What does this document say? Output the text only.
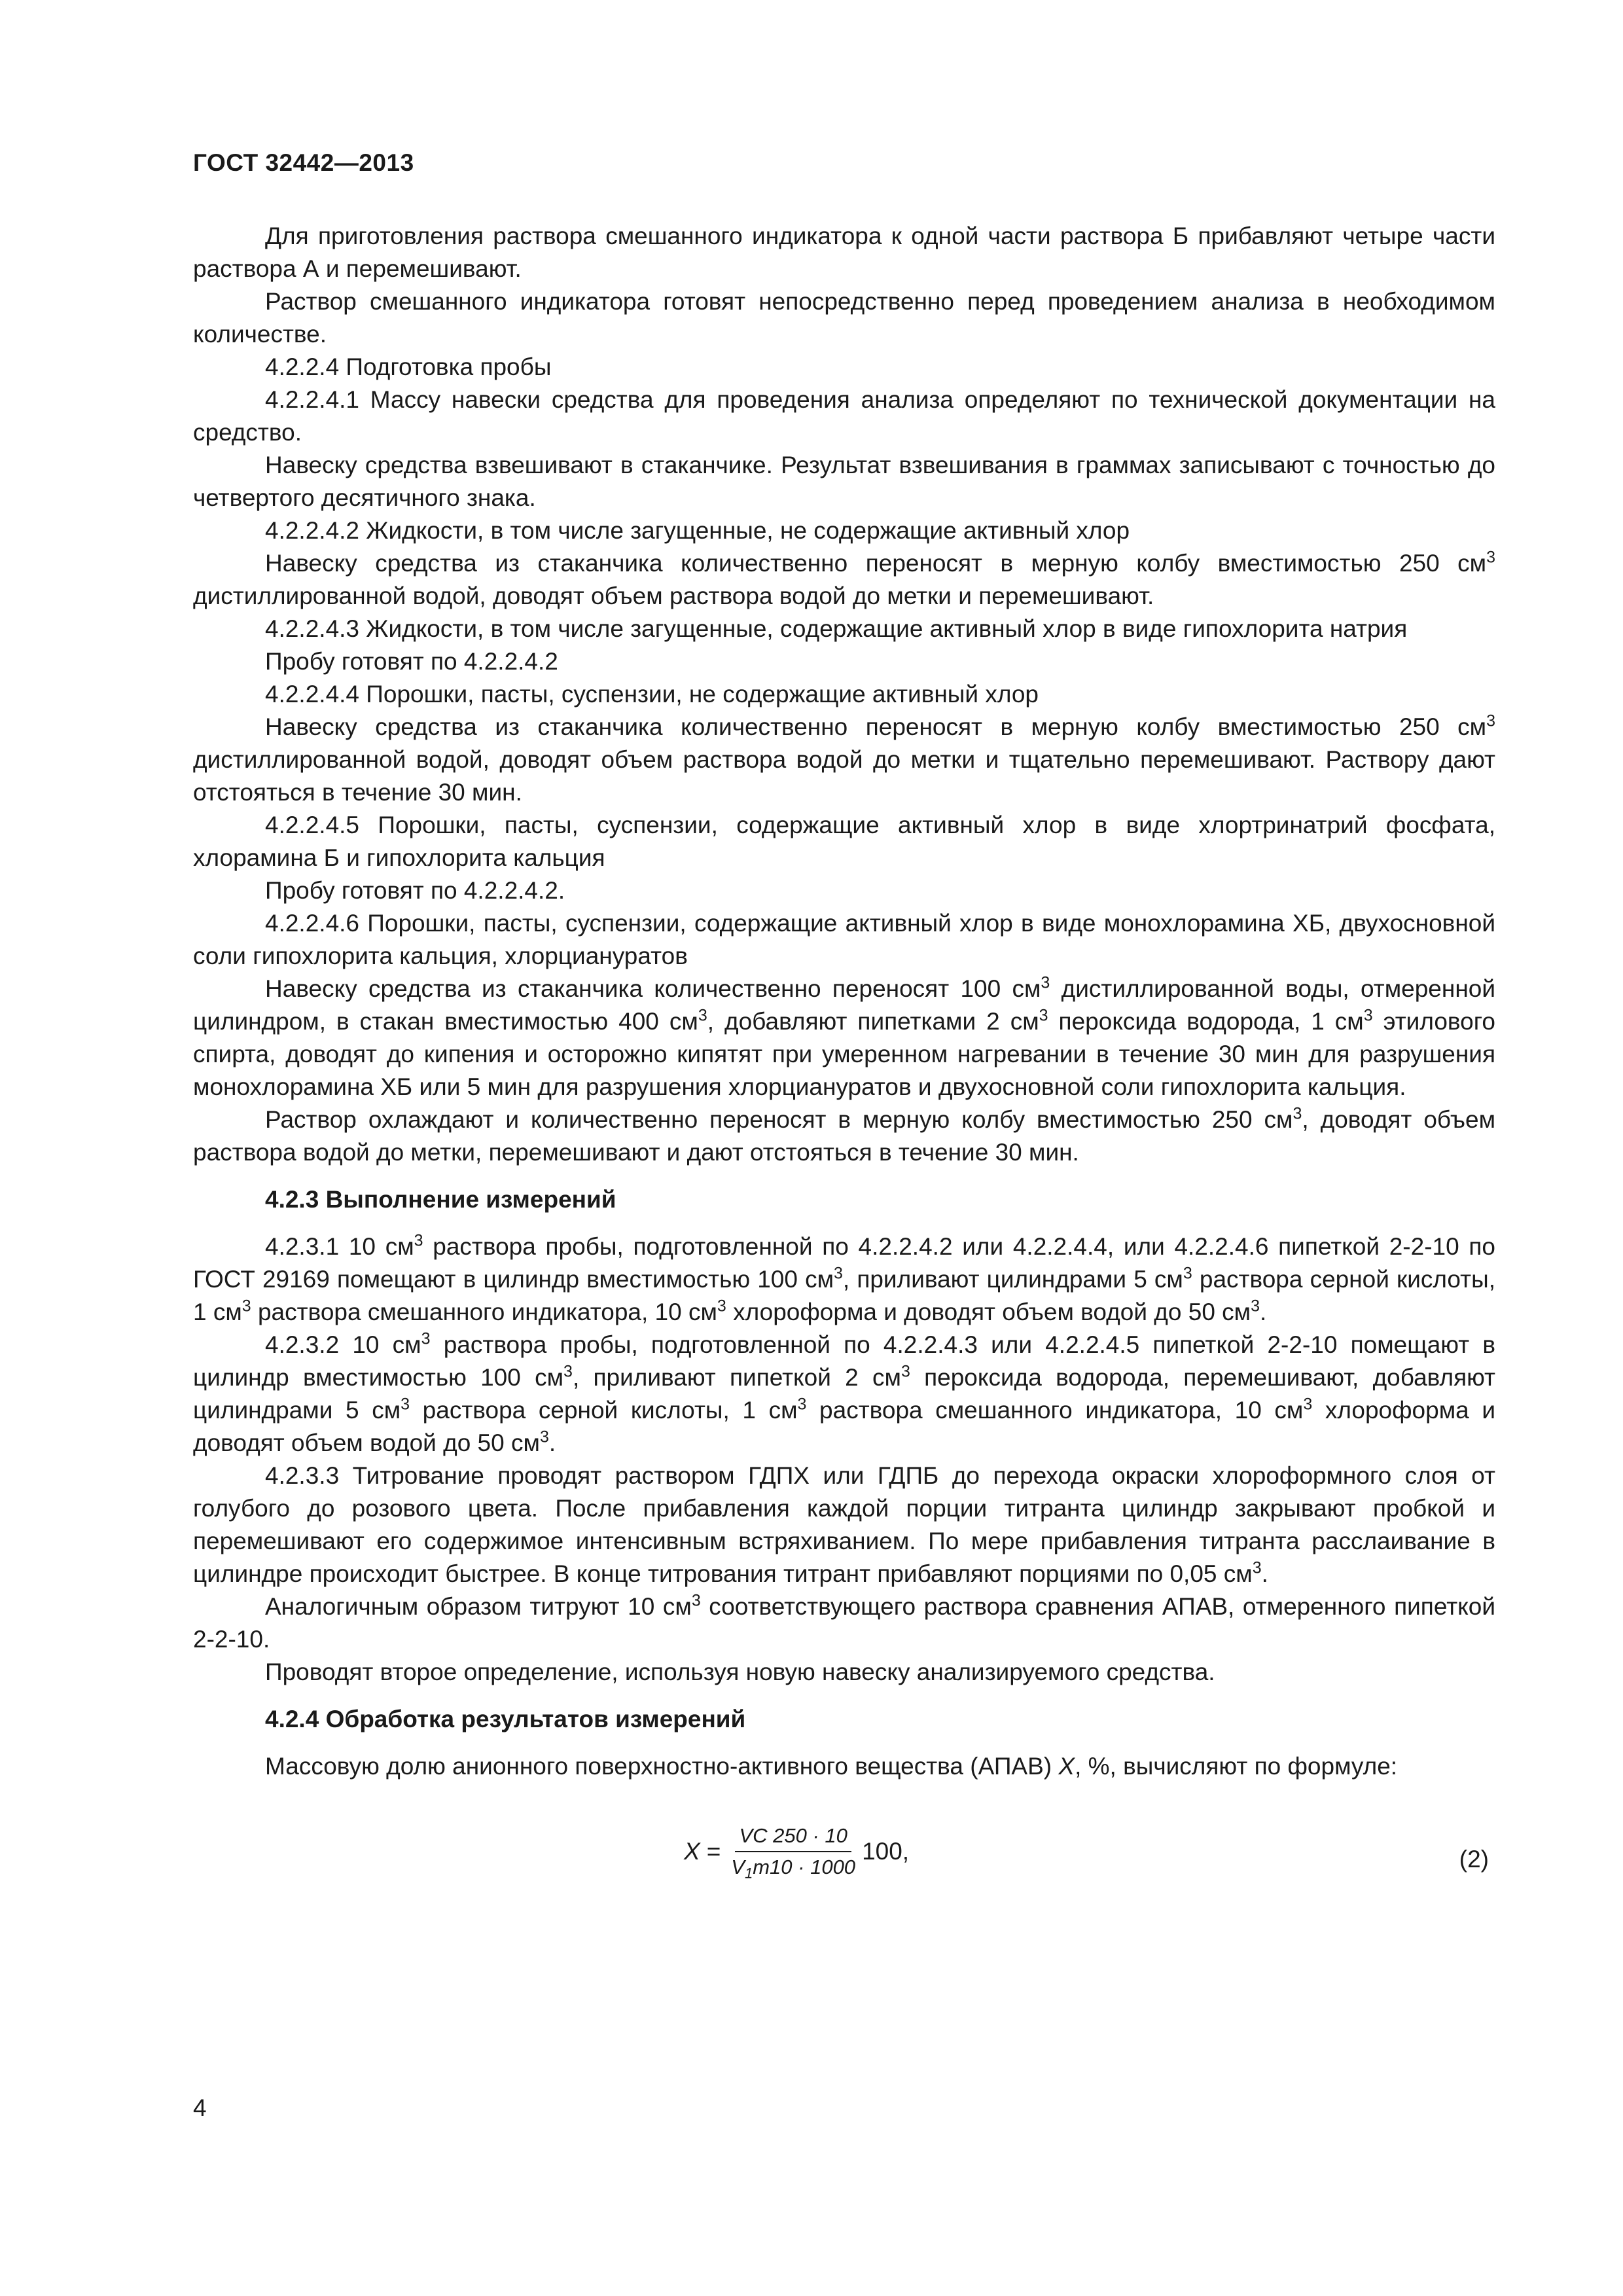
ГОСТ 32442—2013

Для приготовления раствора смешанного индикатора к одной части раствора Б прибавляют четыре части раствора А и перемешивают.

Раствор смешанного индикатора готовят непосредственно перед проведением анализа в необходимом количестве.

4.2.2.4 Подготовка пробы

4.2.2.4.1 Массу навески средства для проведения анализа определяют по технической документации на средство.

Навеску средства взвешивают в стаканчике. Результат взвешивания в граммах записывают с точностью до четвертого десятичного знака.

4.2.2.4.2 Жидкости, в том числе загущенные, не содержащие активный хлор

Навеску средства из стаканчика количественно переносят в мерную колбу вместимостью 250 $см^3$ дистиллированной водой, доводят объем раствора водой до метки и перемешивают.

4.2.2.4.3 Жидкости, в том числе загущенные, содержащие активный хлор в виде гипохлорита натрия

Пробу готовят по 4.2.2.4.2

4.2.2.4.4 Порошки, пасты, суспензии, не содержащие активный хлор

Навеску средства из стаканчика количественно переносят в мерную колбу вместимостью 250 $см^3$ дистиллированной водой, доводят объем раствора водой до метки и тщательно перемешивают. Раствору дают отстояться в течение 30 мин.

4.2.2.4.5 Порошки, пасты, суспензии, содержащие активный хлор в виде хлортринатрий фосфата, хлорамина Б и гипохлорита кальция

Пробу готовят по 4.2.2.4.2.

4.2.2.4.6 Порошки, пасты, суспензии, содержащие активный хлор в виде монохлорамина ХБ, двухосновной соли гипохлорита кальция, хлорциануратов

Навеску средства из стаканчика количественно переносят 100 $см^3$ дистиллированной воды, отмеренной цилиндром, в стакан вместимостью 400 $см^3$, добавляют пипетками 2 $см^3$ пероксида водорода, 1 $см^3$ этилового спирта, доводят до кипения и осторожно кипятят при умеренном нагревании в течение 30 мин для разрушения монохлорамина ХБ или 5 мин для разрушения хлорциануратов и двухосновной соли гипохлорита кальция.

Раствор охлаждают и количественно переносят в мерную колбу вместимостью 250 $см^3$, доводят объем раствора водой до метки, перемешивают и дают отстояться в течение 30 мин.

4.2.3 Выполнение измерений

4.2.3.1 10 $см^3$ раствора пробы, подготовленной по 4.2.2.4.2 или 4.2.2.4.4, или 4.2.2.4.6 пипеткой 2-2-10 по ГОСТ 29169 помещают в цилиндр вместимостью 100 $см^3$, приливают цилиндрами 5 $см^3$ раствора серной кислоты, 1 $см^3$ раствора смешанного индикатора, 10 $см^3$ хлороформа и доводят объем водой до 50 $см^3$.

4.2.3.2 10 $см^3$ раствора пробы, подготовленной по 4.2.2.4.3 или 4.2.2.4.5 пипеткой 2-2-10 помещают в цилиндр вместимостью 100 $см^3$, приливают пипеткой 2 $см^3$ пероксида водорода, перемешивают, добавляют цилиндрами 5 $см^3$ раствора серной кислоты, 1 $см^3$ раствора смешанного индикатора, 10 $см^3$ хлороформа и доводят объем водой до 50 $см^3$.

4.2.3.3 Титрование проводят раствором ГДПХ или ГДПБ до перехода окраски хлороформного слоя от голубого до розового цвета. После прибавления каждой порции титранта цилиндр закрывают пробкой и перемешивают его содержимое интенсивным встряхиванием. По мере прибавления титранта расслаивание в цилиндре происходит быстрее. В конце титрования титрант прибавляют порциями по 0,05 $см^3$.

Аналогичным образом титруют 10 $см^3$ соответствующего раствора сравнения АПАВ, отмеренного пипеткой 2-2-10.

Проводят второе определение, используя новую навеску анализируемого средства.

4.2.4 Обработка результатов измерений

Массовую долю анионного поверхностно-активного вещества (АПАВ) X, %, вычисляют по формуле:

$X = \frac{VC 250 \cdot 10}{V_1m10 \cdot 1000} 100$,	(2)
4
